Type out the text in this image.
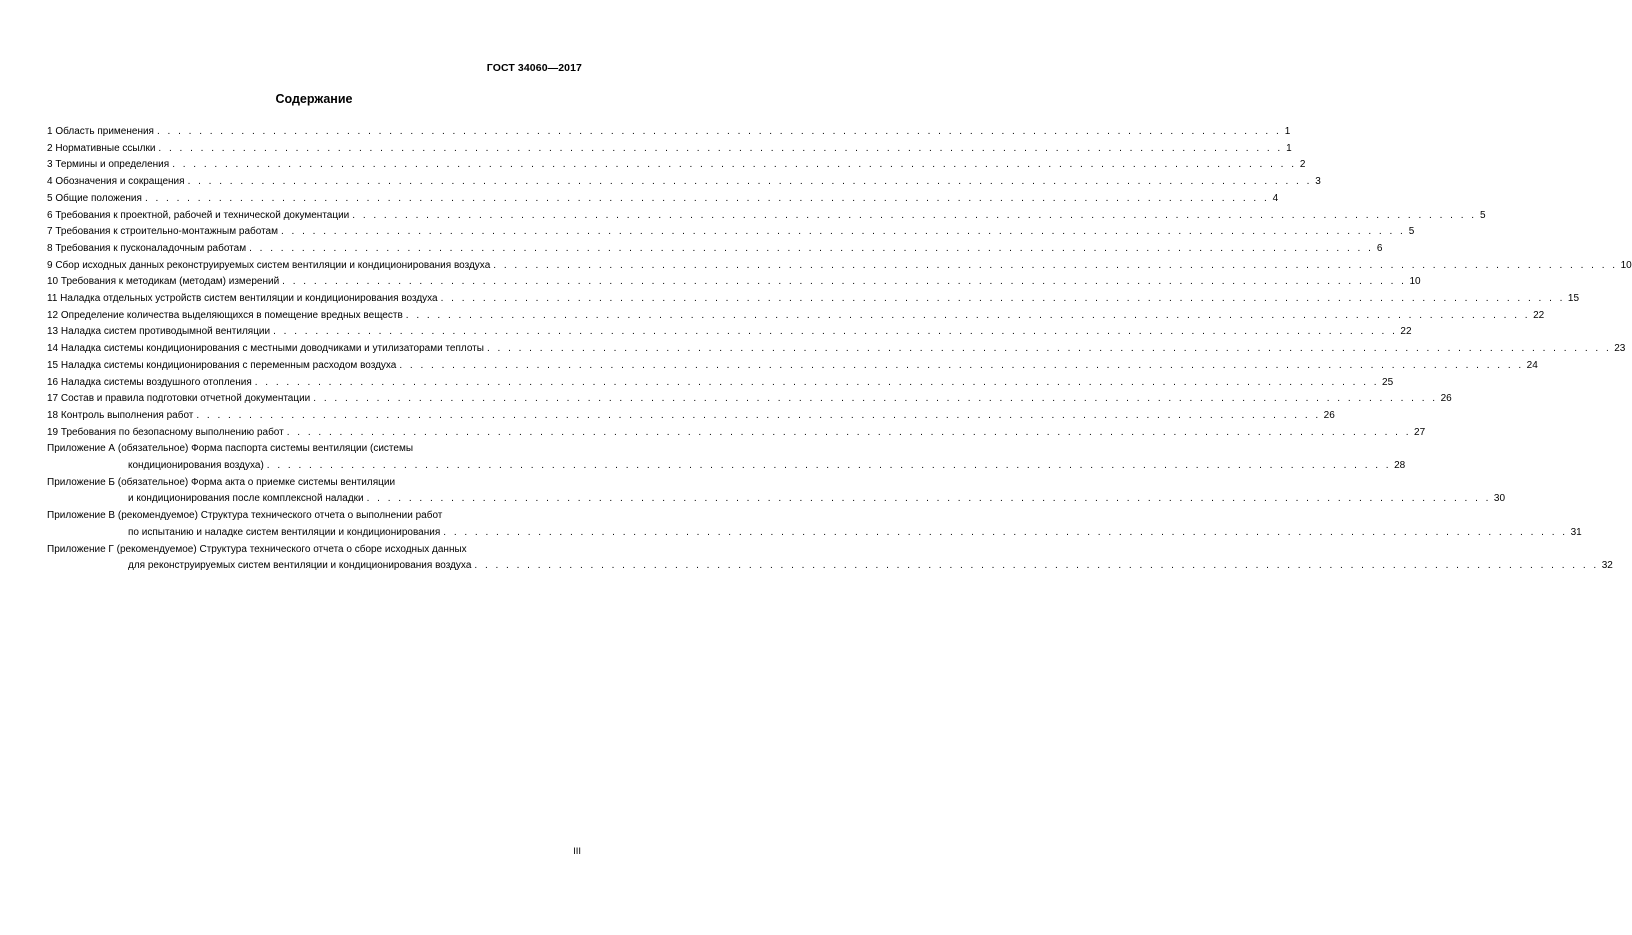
ГОСТ 34060—2017
Содержание
1 Область применения . . . . . . . . . . . . . . . . . . . . . . . . . . . . . . . . . . . . . . . . . . . . . . . . . . . . . . . . . . . . . . . . . . . . . . . . . . . . . . . . . . . . . . . . . . . . . . . . . . . . . . . . . . . 1
2 Нормативные ссылки . . . . . . . . . . . . . . . . . . . . . . . . . . . . . . . . . . . . . . . . . . . . . . . . . . . . . . . . . . . . . . . . . . . . . . . . . . . . . . . . . . . . . . . . . . . . . . . . . . . . . . . . . . . 1
3 Термины и определения . . . . . . . . . . . . . . . . . . . . . . . . . . . . . . . . . . . . . . . . . . . . . . . . . . . . . . . . . . . . . . . . . . . . . . . . . . . . . . . . . . . . . . . . . . . . . . . . . . . . . . . . . . . 2
4 Обозначения и сокращения . . . . . . . . . . . . . . . . . . . . . . . . . . . . . . . . . . . . . . . . . . . . . . . . . . . . . . . . . . . . . . . . . . . . . . . . . . . . . . . . . . . . . . . . . . . . . . . . . . . . . . . . . . . 3
5 Общие положения . . . . . . . . . . . . . . . . . . . . . . . . . . . . . . . . . . . . . . . . . . . . . . . . . . . . . . . . . . . . . . . . . . . . . . . . . . . . . . . . . . . . . . . . . . . . . . . . . . . . . . . . . . . 4
6 Требования к проектной, рабочей и технической документации . . . . . . . . . . . . . . . . . . . . . . . . . . . . . . . . . . . . . . . . . . . . . . . . . . . . . . . . . . . . . . . . . . . . . . . . . . . . . . . . . . . . . . . . . . . . . . . . . . . . . . . . . . . 5
7 Требования к строительно-монтажным работам . . . . . . . . . . . . . . . . . . . . . . . . . . . . . . . . . . . . . . . . . . . . . . . . . . . . . . . . . . . . . . . . . . . . . . . . . . . . . . . . . . . . . . . . . . . . . . . . . . . . . . . . . . . 5
8 Требования к пусконаладочным работам . . . . . . . . . . . . . . . . . . . . . . . . . . . . . . . . . . . . . . . . . . . . . . . . . . . . . . . . . . . . . . . . . . . . . . . . . . . . . . . . . . . . . . . . . . . . . . . . . . . . . . . . . . . 6
9 Сбор исходных данных реконструируемых систем вентиляции и кондиционирования воздуха . . . . . . . . . . . . . . . . . . . . . . . . . . . . . . . . . . . . . . . . . . . . . . . . . . . . . . . . . . . . . . . . . . . . . . . . . . . . . . . . . . . . . . . . . . . . . . . . . . . . . . . . . . . 10
10 Требования к методикам (методам) измерений . . . . . . . . . . . . . . . . . . . . . . . . . . . . . . . . . . . . . . . . . . . . . . . . . . . . . . . . . . . . . . . . . . . . . . . . . . . . . . . . . . . . . . . . . . . . . . . . . . . . . . . . . . . 10
11 Наладка отдельных устройств систем вентиляции и кондиционирования воздуха . . . . . . . . . . . . . . . . . . . . . . . . . . . . . . . . . . . . . . . . . . . . . . . . . . . . . . . . . . . . . . . . . . . . . . . . . . . . . . . . . . . . . . . . . . . . . . . . . . . . . . . . . . . 15
12 Определение количества выделяющихся в помещение вредных веществ . . . . . . . . . . . . . . . . . . . . . . . . . . . . . . . . . . . . . . . . . . . . . . . . . . . . . . . . . . . . . . . . . . . . . . . . . . . . . . . . . . . . . . . . . . . . . . . . . . . . . . . . . . . 22
13 Наладка систем противодымной вентиляции . . . . . . . . . . . . . . . . . . . . . . . . . . . . . . . . . . . . . . . . . . . . . . . . . . . . . . . . . . . . . . . . . . . . . . . . . . . . . . . . . . . . . . . . . . . . . . . . . . . . . . . . . . . 22
14 Наладка системы кондиционирования с местными доводчиками и утилизаторами теплоты . . . . . . . . . . . . . . . . . . . . . . . . . . . . . . . . . . . . . . . . . . . . . . . . . . . . . . . . . . . . . . . . . . . . . . . . . . . . . . . . . . . . . . . . . . . . . . . . . . . . . . . . . . . 23
15 Наладка системы кондиционирования с переменным расходом воздуха . . . . . . . . . . . . . . . . . . . . . . . . . . . . . . . . . . . . . . . . . . . . . . . . . . . . . . . . . . . . . . . . . . . . . . . . . . . . . . . . . . . . . . . . . . . . . . . . . . . . . . . . . . . 24
16 Наладка системы воздушного отопления . . . . . . . . . . . . . . . . . . . . . . . . . . . . . . . . . . . . . . . . . . . . . . . . . . . . . . . . . . . . . . . . . . . . . . . . . . . . . . . . . . . . . . . . . . . . . . . . . . . . . . . . . . . 25
17 Состав и правила подготовки отчетной документации . . . . . . . . . . . . . . . . . . . . . . . . . . . . . . . . . . . . . . . . . . . . . . . . . . . . . . . . . . . . . . . . . . . . . . . . . . . . . . . . . . . . . . . . . . . . . . . . . . . . . . . . . . . 26
18 Контроль выполнения работ . . . . . . . . . . . . . . . . . . . . . . . . . . . . . . . . . . . . . . . . . . . . . . . . . . . . . . . . . . . . . . . . . . . . . . . . . . . . . . . . . . . . . . . . . . . . . . . . . . . . . . . . . . . 26
19 Требования по безопасному выполнению работ . . . . . . . . . . . . . . . . . . . . . . . . . . . . . . . . . . . . . . . . . . . . . . . . . . . . . . . . . . . . . . . . . . . . . . . . . . . . . . . . . . . . . . . . . . . . . . . . . . . . . . . . . . . 27
Приложение А (обязательное) Форма паспорта системы вентиляции (системы
кондиционирования воздуха) . . . . . . . . . . . . . . . . . . . . . . . . . . . . . . . . . . . . . . . . . . . . . . . . . . . . . . . . . . . . . . . . . . . . . . . . . . . . . . . . . . . . . . . . . . . . . . . . . . . . . . . . . . . 28
Приложение Б (обязательное) Форма акта о приемке системы вентиляции
и кондиционирования после комплексной наладки . . . . . . . . . . . . . . . . . . . . . . . . . . . . . . . . . . . . . . . . . . . . . . . . . . . . . . . . . . . . . . . . . . . . . . . . . . . . . . . . . . . . . . . . . . . . . . . . . . . . . . . . . . . 30
Приложение В (рекомендуемое) Структура технического отчета о выполнении работ
по испытанию и наладке систем вентиляции и кондиционирования . . . . . . . . . . . . . . . . . . . . . . . . . . . . . . . . . . . . . . . . . . . . . . . . . . . . . . . . . . . . . . . . . . . . . . . . . . . . . . . . . . . . . . . . . . . . . . . . . . . . . . . . . . . 31
Приложение Г (рекомендуемое) Структура технического отчета о сборе исходных данных
для реконструируемых систем вентиляции и кондиционирования воздуха . . . . . . . . . . . . . . . . . . . . . . . . . . . . . . . . . . . . . . . . . . . . . . . . . . . . . . . . . . . . . . . . . . . . . . . . . . . . . . . . . . . . . . . . . . . . . . . . . . . . . . . . . . . 32
III
